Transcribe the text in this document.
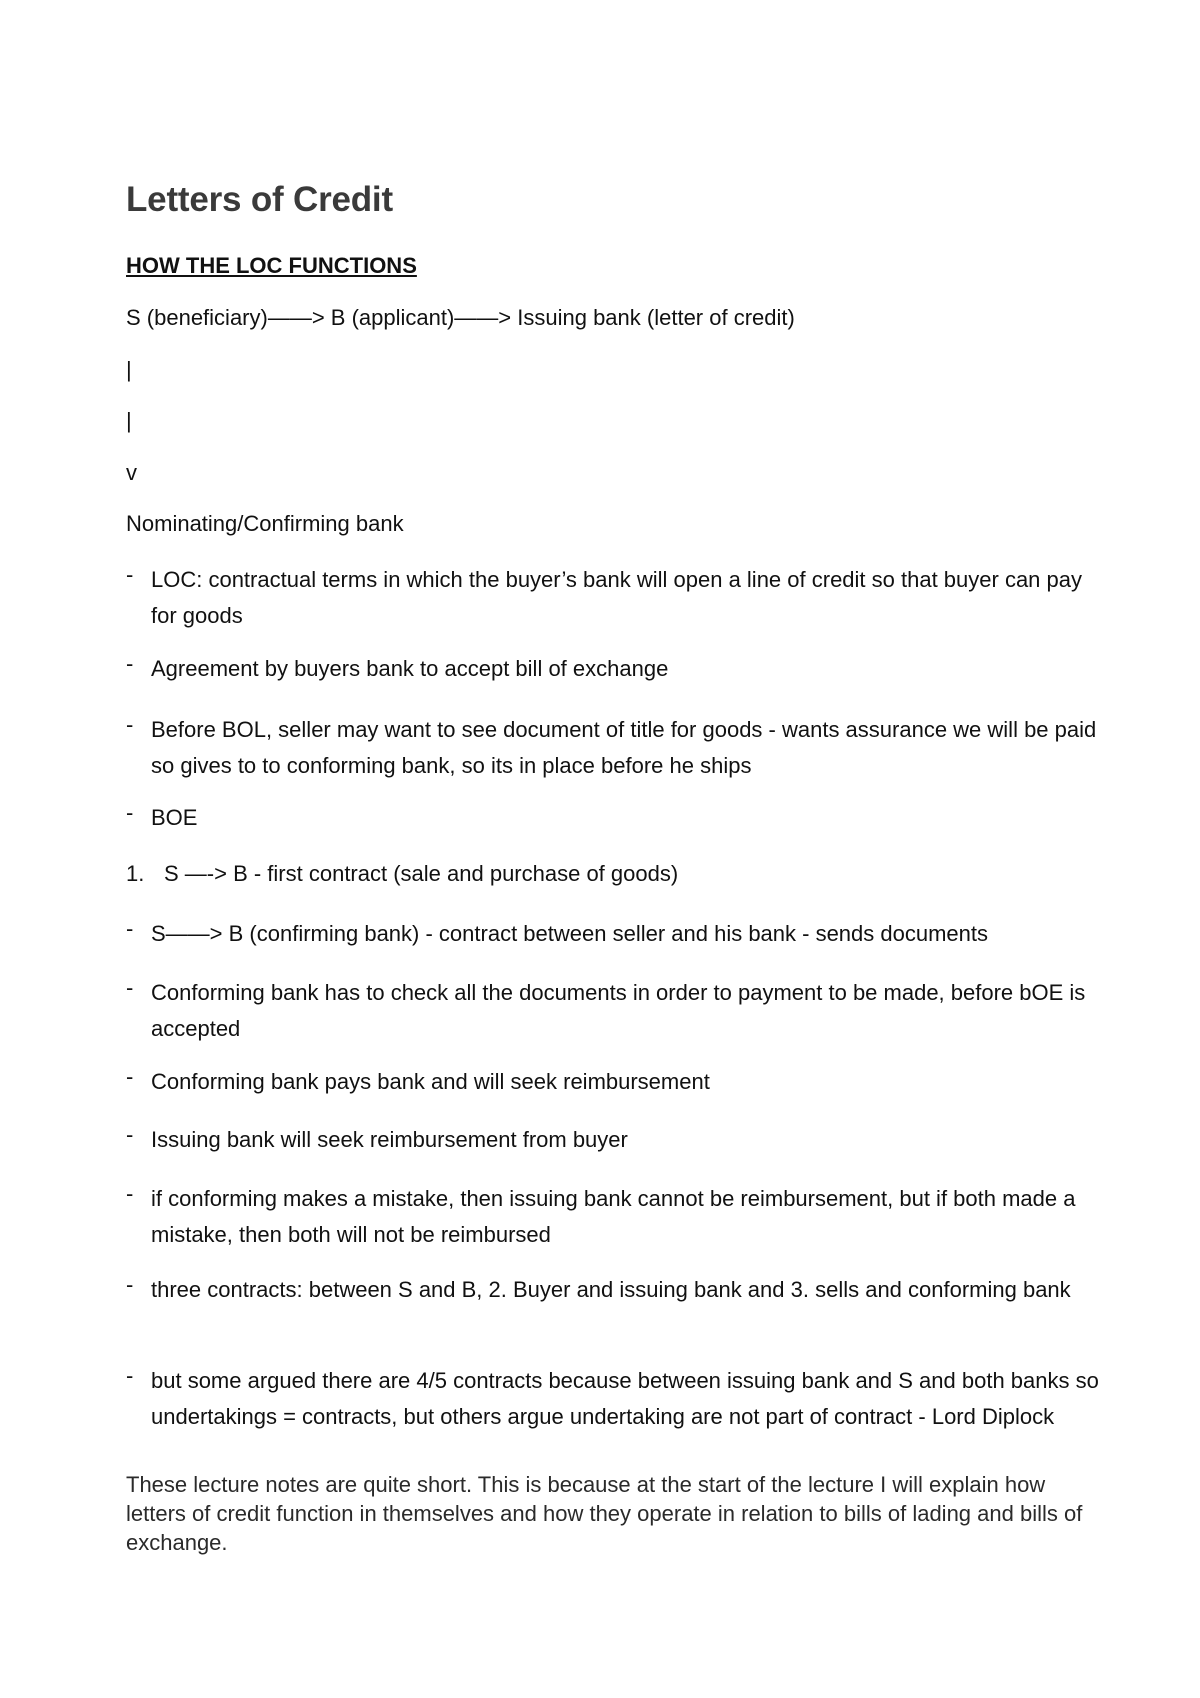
Letters of Credit
HOW THE LOC FUNCTIONS
S (beneficiary)——> B (applicant)——> Issuing bank (letter of credit)
|
|
v
Nominating/Confirming bank
- LOC: contractual terms in which the buyer’s bank will open a line of credit so that buyer can pay for goods
- Agreement by buyers bank to accept bill of exchange
- Before BOL, seller may want to see document of title for goods - wants assurance we will be paid so gives to to conforming bank, so its in place before he ships
- BOE
1. S —-> B - first contract (sale and purchase of goods)
- S——> B (confirming bank) - contract between seller and his bank - sends documents
- Conforming bank has to check all the documents in order to payment to be made, before bOE is accepted
- Conforming bank pays bank and will seek reimbursement
- Issuing bank will seek reimbursement from buyer
- if conforming makes a mistake, then issuing bank cannot be reimbursement, but if both made a mistake, then both will not be reimbursed
- three contracts: between S and B, 2. Buyer and issuing bank and 3. sells and conforming bank
- but some argued there are 4/5 contracts because between issuing bank and S and both banks so undertakings = contracts, but others argue undertaking are not part of contract - Lord Diplock
These lecture notes are quite short. This is because at the start of the lecture I will explain how letters of credit function in themselves and how they operate in relation to bills of lading and bills of exchange.
